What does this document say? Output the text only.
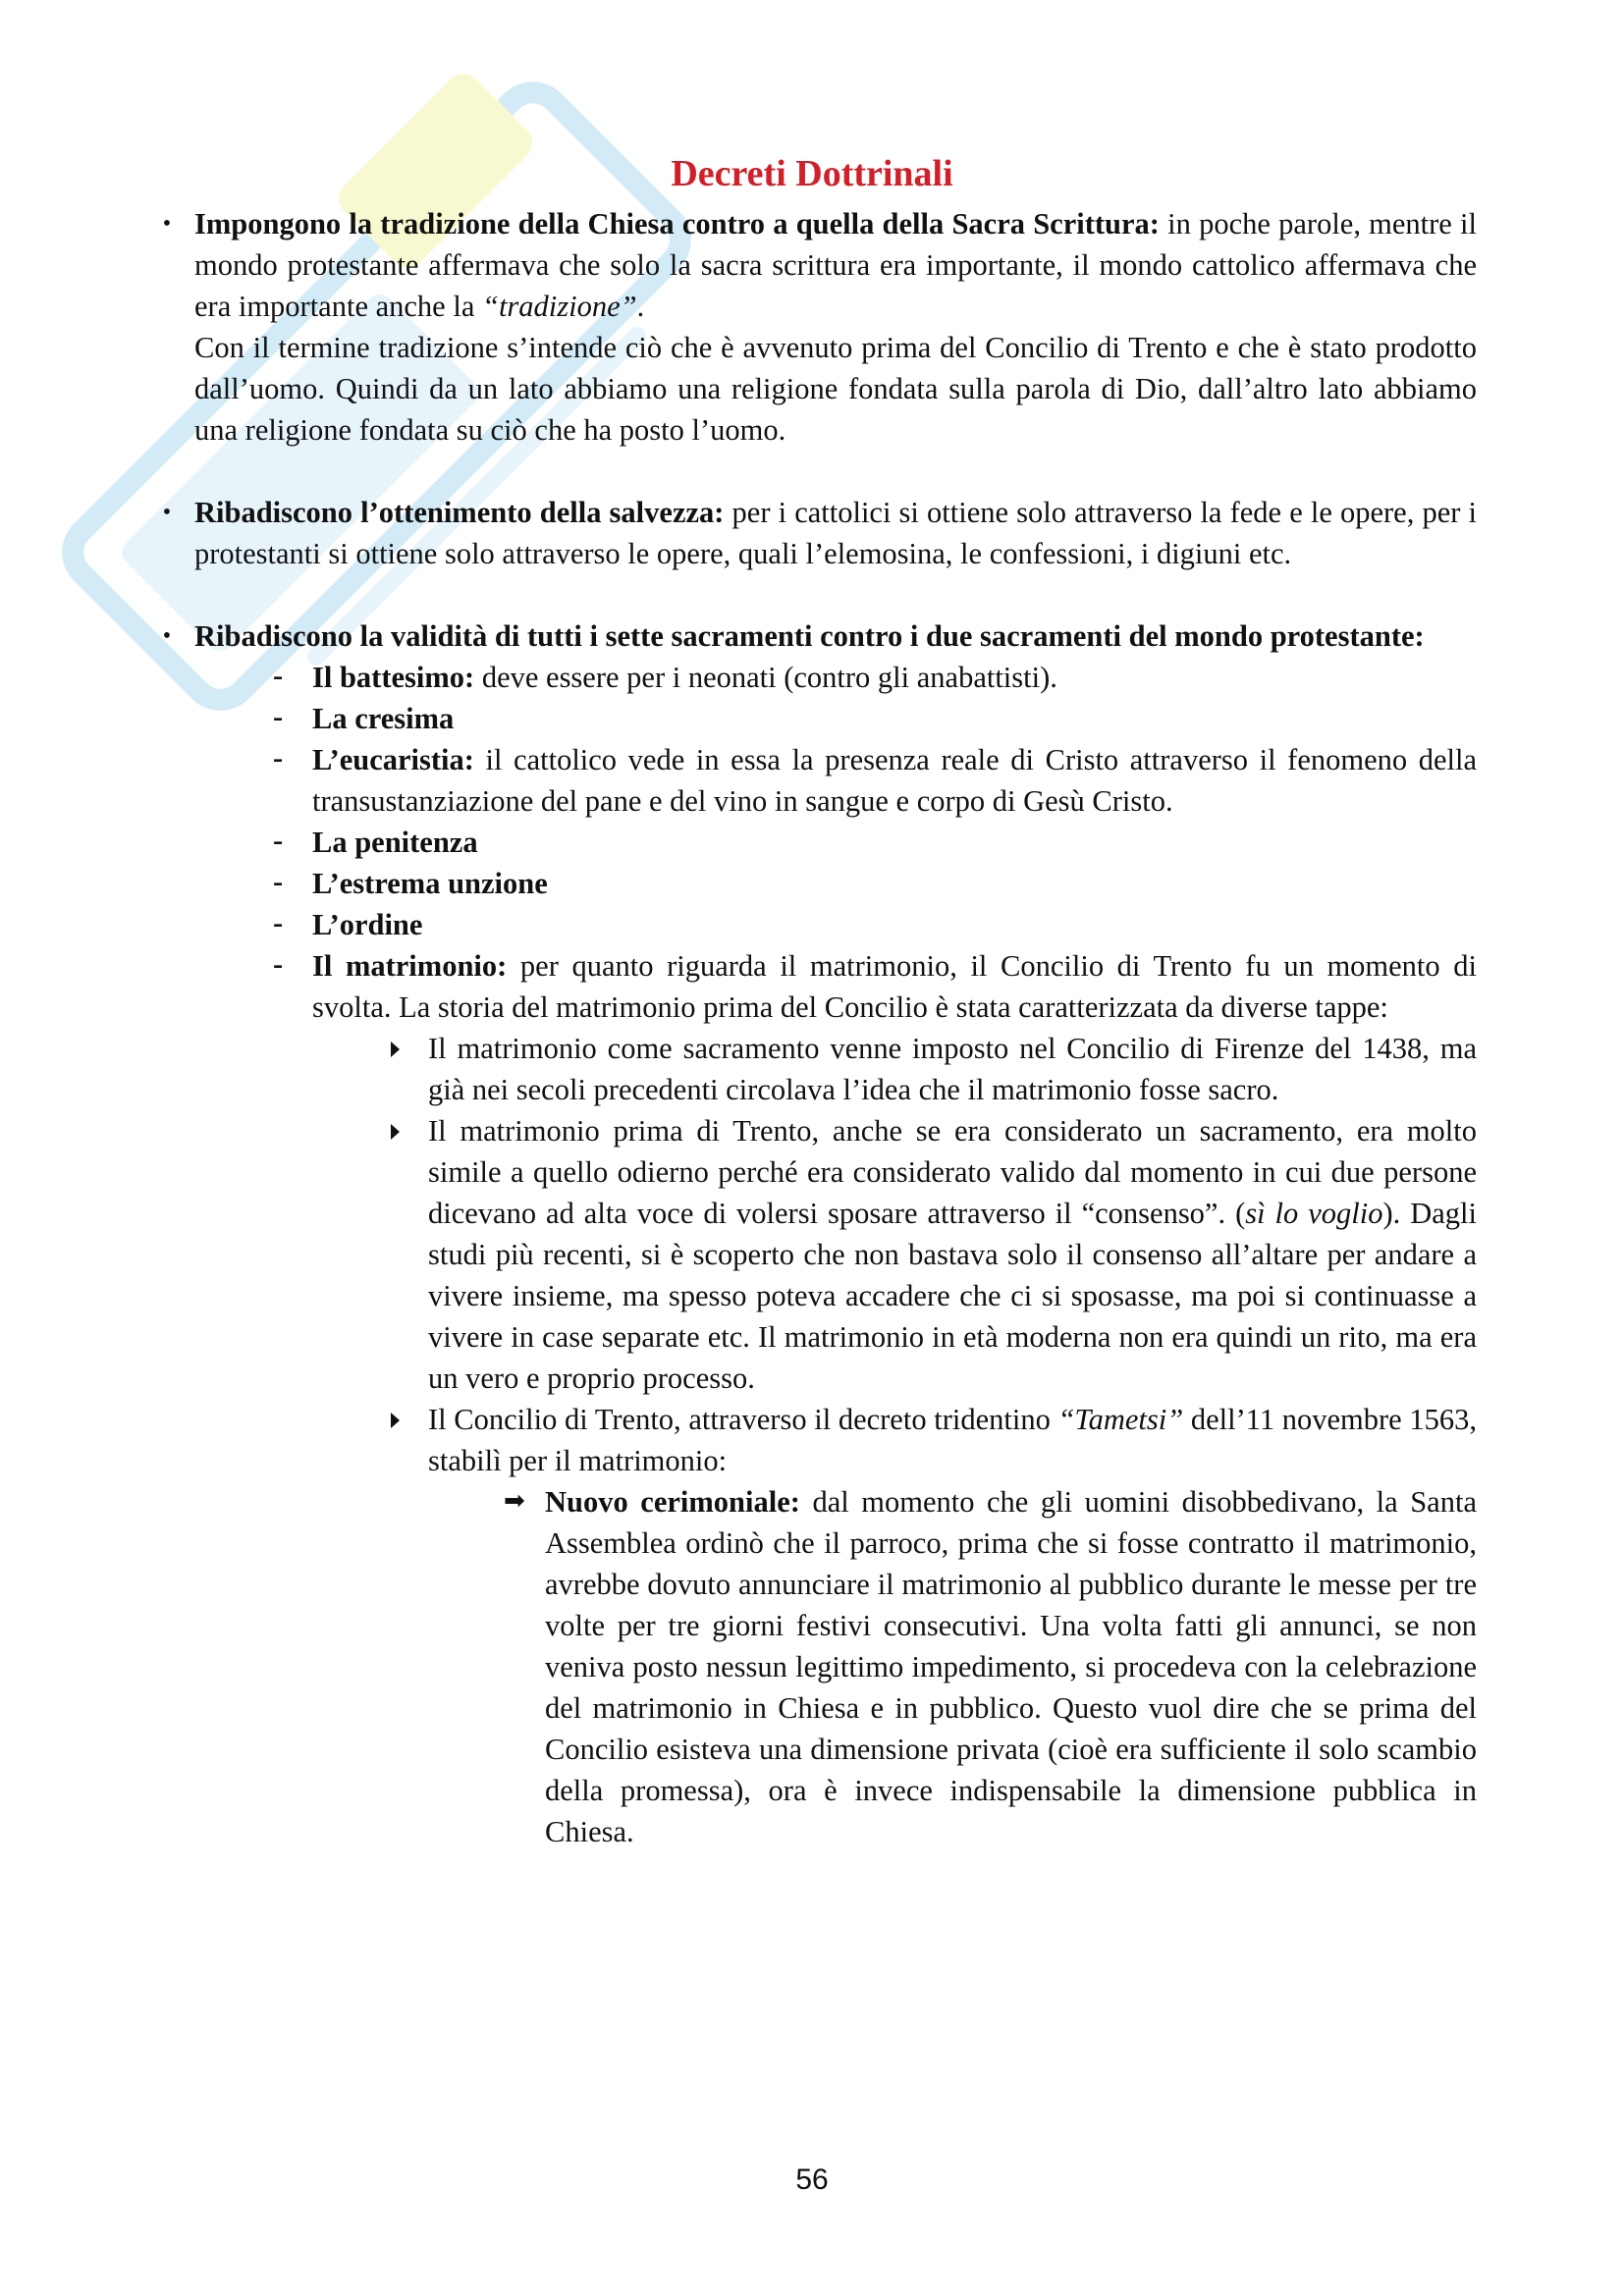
Decreti Dottrinali

• Impongono la tradizione della Chiesa contro a quella della Sacra Scrittura: in poche parole, mentre il mondo protestante affermava che solo la sacra scrittura era importante, il mondo cattolico affermava che era importante anche la “tradizione”.
Con il termine tradizione s’intende ciò che è avvenuto prima del Concilio di Trento e che è stato prodotto dall’uomo. Quindi da un lato abbiamo una religione fondata sulla parola di Dio, dall’altro lato abbiamo una religione fondata su ciò che ha posto l’uomo.

• Ribadiscono l’ottenimento della salvezza: per i cattolici si ottiene solo attraverso la fede e le opere, per i protestanti si ottiene solo attraverso le opere, quali l’elemosina, le confessioni, i digiuni etc.

• Ribadiscono la validità di tutti i sette sacramenti contro i due sacramenti del mondo protestante:

- Il battesimo: deve essere per i neonati (contro gli anabattisti).

- La cresima

- L’eucaristia: il cattolico vede in essa la presenza reale di Cristo attraverso il fenomeno della transustanziazione del pane e del vino in sangue e corpo di Gesù Cristo.

- La penitenza

- L’estrema unzione

- L’ordine

- Il matrimonio: per quanto riguarda il matrimonio, il Concilio di Trento fu un momento di svolta. La storia del matrimonio prima del Concilio è stata caratterizzata da diverse tappe:

Il matrimonio come sacramento venne imposto nel Concilio di Firenze del 1438, ma già nei secoli precedenti circolava l’idea che il matrimonio fosse sacro.

Il matrimonio prima di Trento, anche se era considerato un sacramento, era molto simile a quello odierno perché era considerato valido dal momento in cui due persone dicevano ad alta voce di volersi sposare attraverso il “consenso”. (sì lo voglio). Dagli studi più recenti, si è scoperto che non bastava solo il consenso all’altare per andare a vivere insieme, ma spesso poteva accadere che ci si sposasse, ma poi si continuasse a vivere in case separate etc. Il matrimonio in età moderna non era quindi un rito, ma era un vero e proprio processo.

Il Concilio di Trento, attraverso il decreto tridentino “Tametsi” dell’11 novembre 1563, stabilì per il matrimonio:

➡ Nuovo cerimoniale: dal momento che gli uomini disobbedivano, la Santa Assemblea ordinò che il parroco, prima che si fosse contratto il matrimonio, avrebbe dovuto annunciare il matrimonio al pubblico durante le messe per tre volte per tre giorni festivi consecutivi. Una volta fatti gli annunci, se non veniva posto nessun legittimo impedimento, si procedeva con la celebrazione del matrimonio in Chiesa e in pubblico. Questo vuol dire che se prima del Concilio esisteva una dimensione privata (cioè era sufficiente il solo scambio della promessa), ora è invece indispensabile la dimensione pubblica in Chiesa.

56
